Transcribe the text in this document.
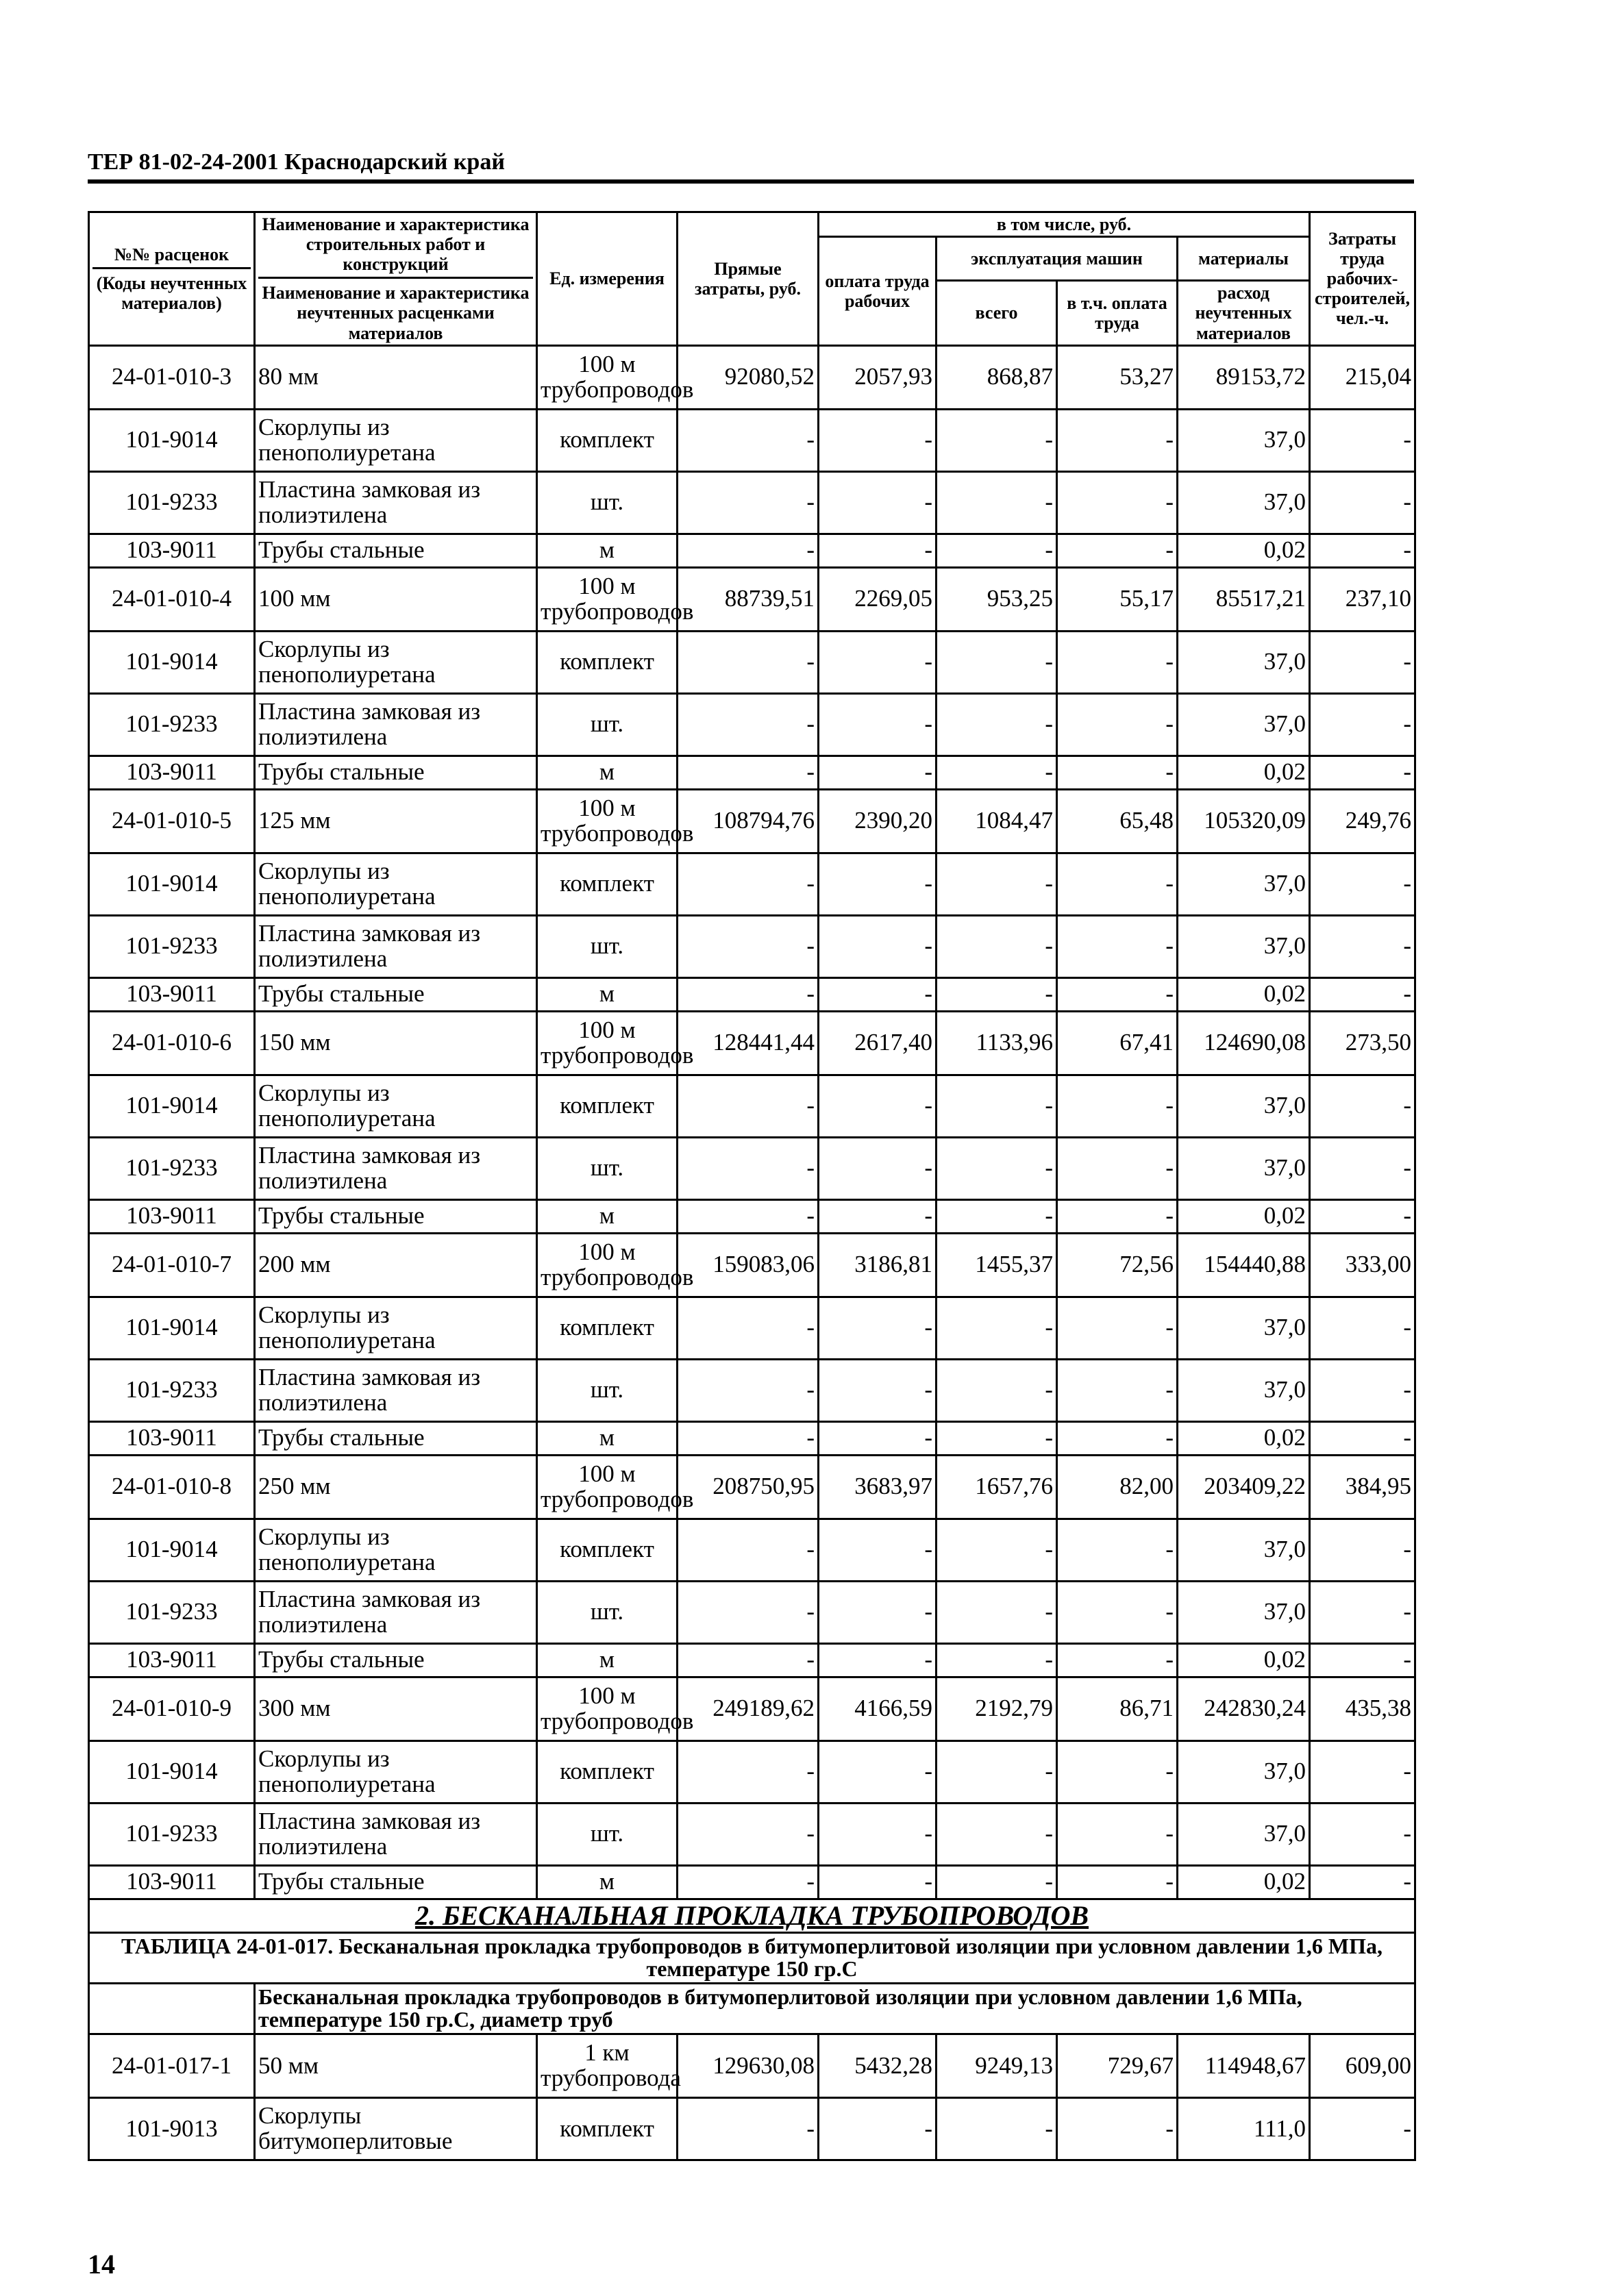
ТЕР 81-02-24-2001 Краснодарский край
№№ расценок
(Коды неучтенных материалов)	Наименование и характеристика строительных работ и конструкций
Наименование и характеристика неучтенных расценками материалов	Ед. измерения	Прямые затраты, руб.	в том числе, руб.				Затраты труда рабочих-строителей, чел.-ч.
				оплата труда рабочих	эксплуатация машин		материалы	
					всего	в т.ч. оплата труда	расход неучтенных материалов	
24-01-010-3	80 мм	100 м трубопроводов	92080,52	2057,93	868,87	53,27	89153,72	215,04
101-9014	Скорлупы из пенополиуретана	комплект	-	-	-	-	37,0	-
101-9233	Пластина замковая из полиэтилена	шт.	-	-	-	-	37,0	-
103-9011	Трубы стальные	м	-	-	-	-	0,02	-
24-01-010-4	100 мм	100 м трубопроводов	88739,51	2269,05	953,25	55,17	85517,21	237,10
101-9014	Скорлупы из пенополиуретана	комплект	-	-	-	-	37,0	-
101-9233	Пластина замковая из полиэтилена	шт.	-	-	-	-	37,0	-
103-9011	Трубы стальные	м	-	-	-	-	0,02	-
24-01-010-5	125 мм	100 м трубопроводов	108794,76	2390,20	1084,47	65,48	105320,09	249,76
101-9014	Скорлупы из пенополиуретана	комплект	-	-	-	-	37,0	-
101-9233	Пластина замковая из полиэтилена	шт.	-	-	-	-	37,0	-
103-9011	Трубы стальные	м	-	-	-	-	0,02	-
24-01-010-6	150 мм	100 м трубопроводов	128441,44	2617,40	1133,96	67,41	124690,08	273,50
101-9014	Скорлупы из пенополиуретана	комплект	-	-	-	-	37,0	-
101-9233	Пластина замковая из полиэтилена	шт.	-	-	-	-	37,0	-
103-9011	Трубы стальные	м	-	-	-	-	0,02	-
24-01-010-7	200 мм	100 м трубопроводов	159083,06	3186,81	1455,37	72,56	154440,88	333,00
101-9014	Скорлупы из пенополиуретана	комплект	-	-	-	-	37,0	-
101-9233	Пластина замковая из полиэтилена	шт.	-	-	-	-	37,0	-
103-9011	Трубы стальные	м	-	-	-	-	0,02	-
24-01-010-8	250 мм	100 м трубопроводов	208750,95	3683,97	1657,76	82,00	203409,22	384,95
101-9014	Скорлупы из пенополиуретана	комплект	-	-	-	-	37,0	-
101-9233	Пластина замковая из полиэтилена	шт.	-	-	-	-	37,0	-
103-9011	Трубы стальные	м	-	-	-	-	0,02	-
24-01-010-9	300 мм	100 м трубопроводов	249189,62	4166,59	2192,79	86,71	242830,24	435,38
101-9014	Скорлупы из пенополиуретана	комплект	-	-	-	-	37,0	-
101-9233	Пластина замковая из полиэтилена	шт.	-	-	-	-	37,0	-
103-9011	Трубы стальные	м	-	-	-	-	0,02	-
2. БЕСКАНАЛЬНАЯ ПРОКЛАДКА ТРУБОПРОВОДОВ								
ТАБЛИЦА 24-01-017. Бесканальная прокладка трубопроводов в битумоперлитовой изоляции при условном давлении 1,6 МПа, температуре 150 гр.С								
	Бесканальная прокладка трубопроводов в битумоперлитовой изоляции при условном давлении 1,6 МПа, температуре 150 гр.С, диаметр труб							
24-01-017-1	50 мм	1 км трубопровода	129630,08	5432,28	9249,13	729,67	114948,67	609,00
101-9013	Скорлупы битумоперлитовые	комплект	-	-	-	-	111,0	-
14
